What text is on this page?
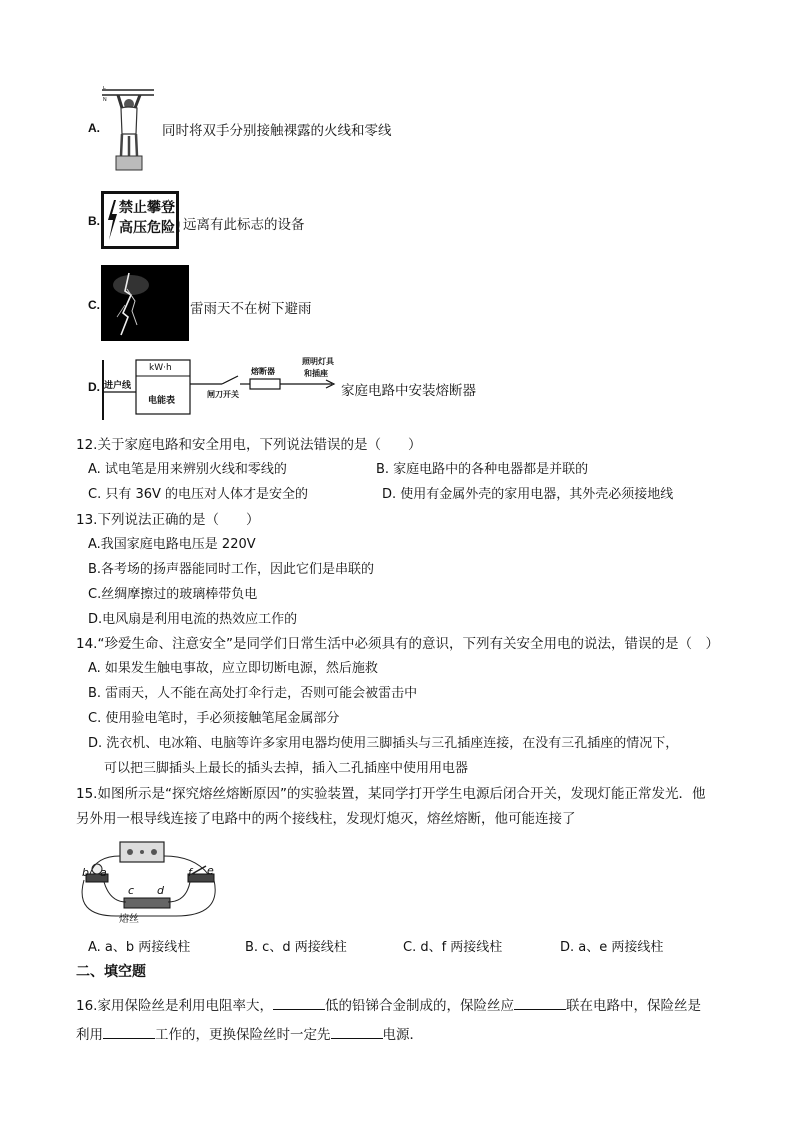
A.
L
N
同时将双手分别接触裸露的火线和零线
B.
禁止攀登
高压危险! 远离有此标志的设备
C.	雷雨天不在树下避雨
D. 进户线
kW·h
电能表
熔断器
闸刀开关
照明灯具
和插座
家庭电路中安装熔断器
12.关于家庭电路和安全用电，下列说法错误的是（　　）
A. 试电笔是用来辨别火线和零线的	B. 家庭电路中的各种电器都是并联的
C. 只有 36V 的电压对人体才是安全的	D. 使用有金属外壳的家用电器，其外壳必须接地线
13.下列说法正确的是（　　）
A.我国家庭电路电压是 220V
B.各考场的扬声器能同时工作，因此它们是串联的
C.丝绸摩擦过的玻璃棒带负电
D.电风扇是利用电流的热效应工作的
14.“珍爱生命、注意安全”是同学们日常生活中必须具有的意识，下列有关安全用电的说法，错误的是（　）
A. 如果发生触电事故，应立即切断电源，然后施救
B. 雷雨天，人不能在高处打伞行走，否则可能会被雷击中
C. 使用验电笔时，手必须接触笔尾金属部分
D. 洗衣机、电冰箱、电脑等许多家用电器均使用三脚插头与三孔插座连接，在没有三孔插座的情况下，
可以把三脚插头上最长的插头去掉，插入二孔插座中使用用电器
15.如图所示是“探究熔丝熔断原因”的实验装置，某同学打开学生电源后闭合开关，发现灯能正常发光．他
另外用一根导线连接了电路中的两个接线柱，发现灯熄灭，熔丝熔断，他可能连接了
b a
c d
f e
熔丝
A. a、b 两接线柱	B. c、d 两接线柱	C. d、f 两接线柱	D. a、e 两接线柱
二、填空题
16.家用保险丝是利用电阻率大，	低的铅锑合金制成的，保险丝应	联在电路中，保险丝是
利用	工作的，更换保险丝时一定先	电源．
